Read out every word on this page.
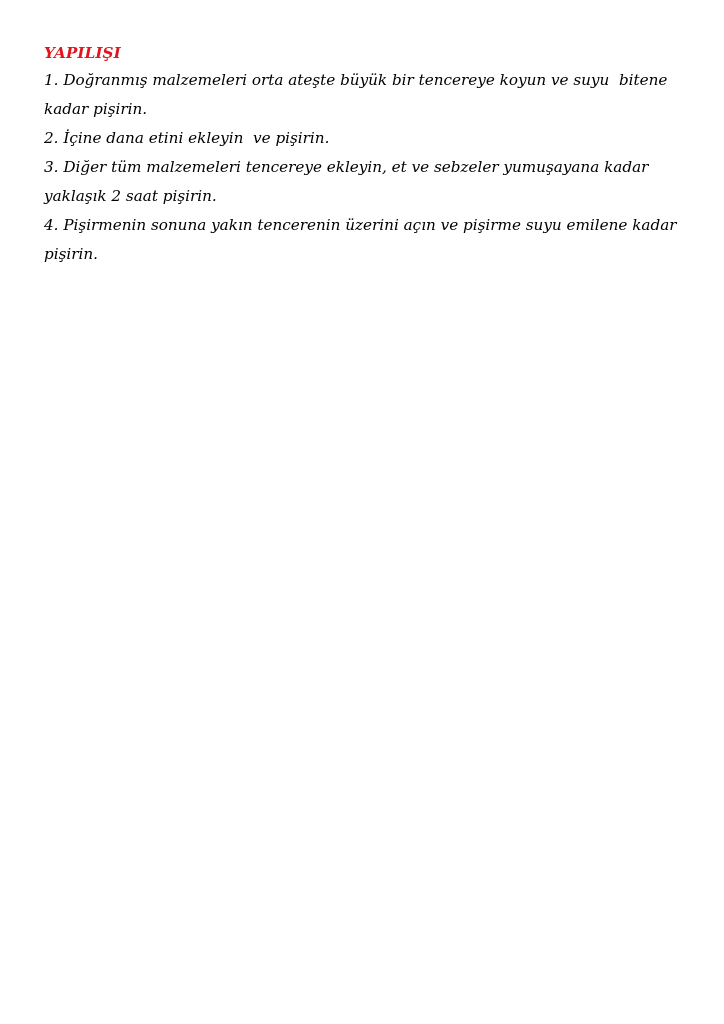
YAPILIŞI
1. Doğranmış malzemeleri orta ateşte büyük bir tencereye koyun ve suyu  bitene kadar pişirin.
2. İçine dana etini ekleyin  ve pişirin.
3. Diğer tüm malzemeleri tencereye ekleyin, et ve sebzeler yumuşayana kadar yaklaşık 2 saat pişirin.
4. Pişirmenin sonuna yakın tencerenin üzerini açın ve pişirme suyu emilene kadar pişirin.
